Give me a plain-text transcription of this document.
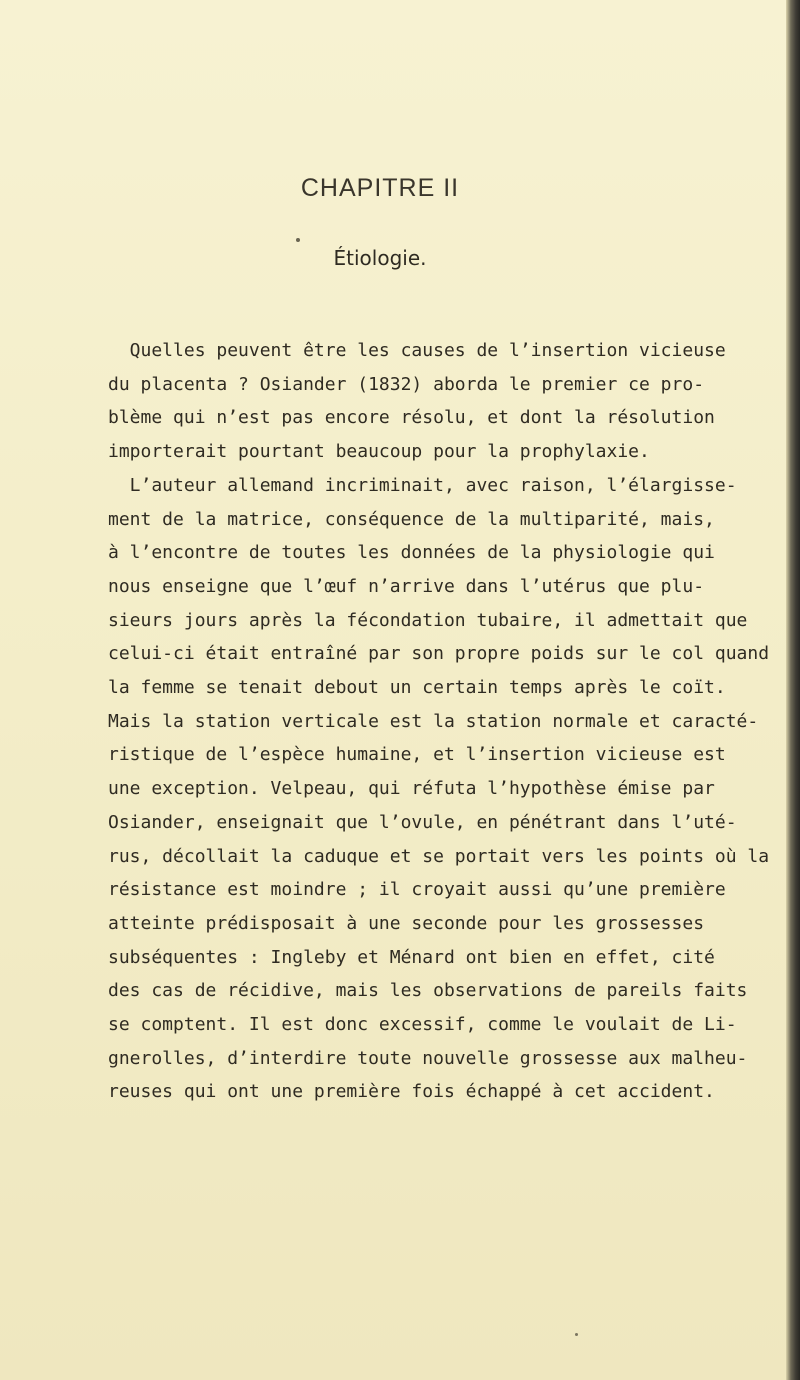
CHAPITRE II
Étiologie.
Quelles peuvent être les causes de l’insertion vicieuse
du placenta ? Osiander (1832) aborda le premier ce pro-
blème qui n’est pas encore résolu, et dont la résolution
importerait pourtant beaucoup pour la prophylaxie.
L’auteur allemand incriminait, avec raison, l’élargisse-
ment de la matrice, conséquence de la multiparité, mais,
à l’encontre de toutes les données de la physiologie qui
nous enseigne que l’œuf n’arrive dans l’utérus que plu-
sieurs jours après la fécondation tubaire, il admettait que
celui-ci était entraîné par son propre poids sur le col quand
la femme se tenait debout un certain temps après le coït.
Mais la station verticale est la station normale et caracté-
ristique de l’espèce humaine, et l’insertion vicieuse est
une exception. Velpeau, qui réfuta l’hypothèse émise par
Osiander, enseignait que l’ovule, en pénétrant dans l’uté-
rus, décollait la caduque et se portait vers les points où la
résistance est moindre ; il croyait aussi qu’une première
atteinte prédisposait à une seconde pour les grossesses
subséquentes : Ingleby et Ménard ont bien en effet, cité
des cas de récidive, mais les observations de pareils faits
se comptent. Il est donc excessif, comme le voulait de Li-
gnerolles, d’interdire toute nouvelle grossesse aux malheu-
reuses qui ont une première fois échappé à cet accident.
